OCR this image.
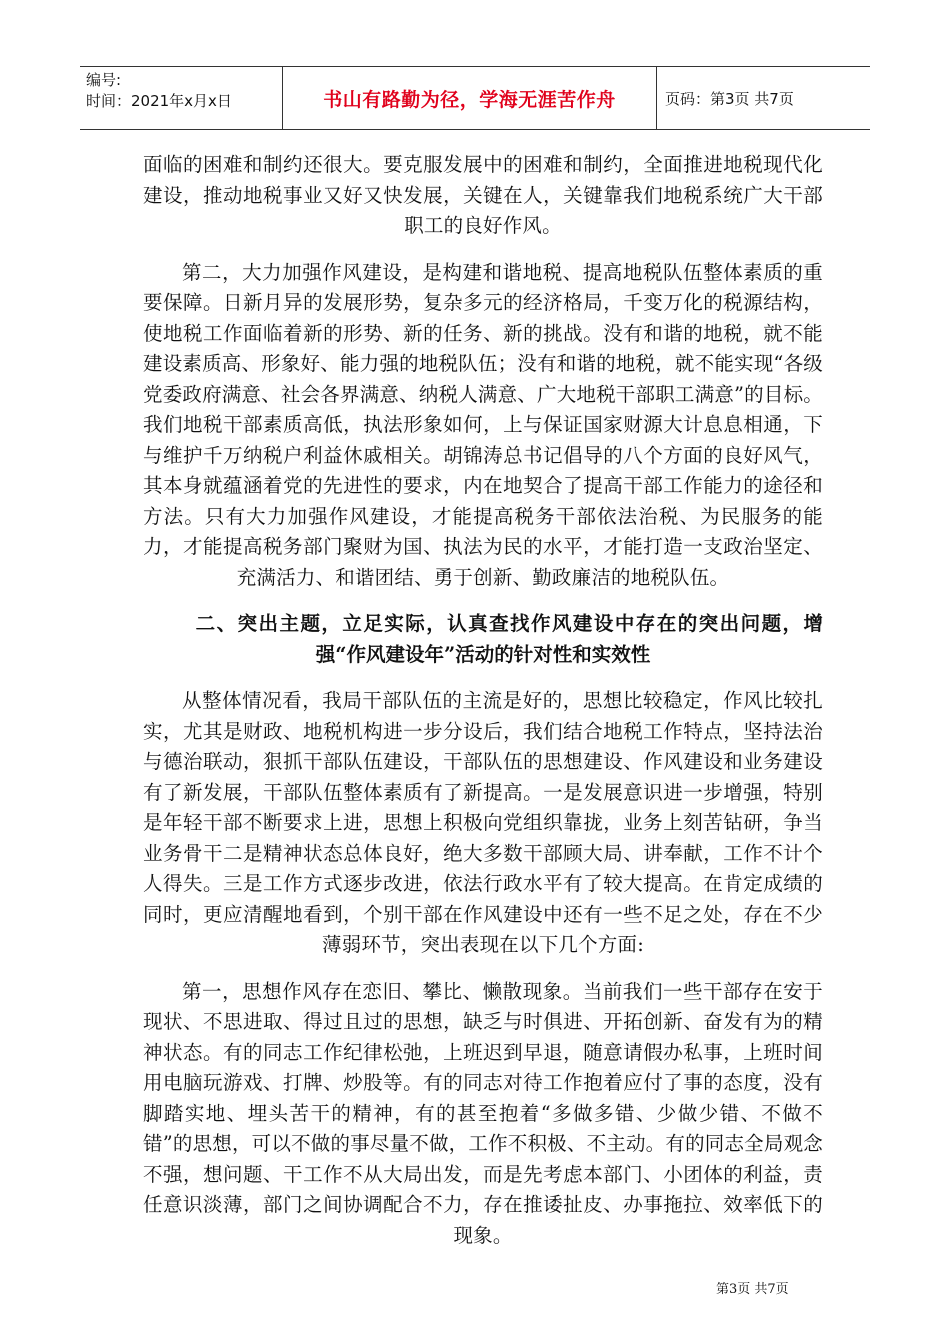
编号:
时间：2021年x月x日	书山有路勤为径，学海无涯苦作舟	页码：第3页 共7页

面临的困难和制约还很大。要克服发展中的困难和制约，全面推进地税现代化建设，推动地税事业又好又快发展，关键在人，关键靠我们地税系统广大干部职工的良好作风。

第二，大力加强作风建设，是构建和谐地税、提高地税队伍整体素质的重要保障。日新月异的发展形势，复杂多元的经济格局，千变万化的税源结构，使地税工作面临着新的形势、新的任务、新的挑战。没有和谐的地税，就不能建设素质高、形象好、能力强的地税队伍；没有和谐的地税，就不能实现“各级党委政府满意、社会各界满意、纳税人满意、广大地税干部职工满意”的目标。我们地税干部素质高低，执法形象如何，上与保证国家财源大计息息相通，下与维护千万纳税户利益休戚相关。胡锦涛总书记倡导的八个方面的良好风气，其本身就蕴涵着党的先进性的要求，内在地契合了提高干部工作能力的途径和方法。只有大力加强作风建设，才能提高税务干部依法治税、为民服务的能力，才能提高税务部门聚财为国、执法为民的水平，才能打造一支政治坚定、充满活力、和谐团结、勇于创新、勤政廉洁的地税队伍。

二、突出主题，立足实际，认真查找作风建设中存在的突出问题，增强“作风建设年”活动的针对性和实效性

从整体情况看，我局干部队伍的主流是好的，思想比较稳定，作风比较扎实，尤其是财政、地税机构进一步分设后，我们结合地税工作特点，坚持法治与德治联动，狠抓干部队伍建设，干部队伍的思想建设、作风建设和业务建设有了新发展，干部队伍整体素质有了新提高。一是发展意识进一步增强，特别是年轻干部不断要求上进，思想上积极向党组织靠拢，业务上刻苦钻研，争当业务骨干二是精神状态总体良好，绝大多数干部顾大局、讲奉献，工作不计个人得失。三是工作方式逐步改进，依法行政水平有了较大提高。在肯定成绩的同时，更应清醒地看到，个别干部在作风建设中还有一些不足之处，存在不少薄弱环节，突出表现在以下几个方面:

第一，思想作风存在恋旧、攀比、懒散现象。当前我们一些干部存在安于现状、不思进取、得过且过的思想，缺乏与时俱进、开拓创新、奋发有为的精神状态。有的同志工作纪律松弛，上班迟到早退，随意请假办私事，上班时间用电脑玩游戏、打牌、炒股等。有的同志对待工作抱着应付了事的态度，没有脚踏实地、埋头苦干的精神，有的甚至抱着“多做多错、少做少错、不做不错”的思想，可以不做的事尽量不做，工作不积极、不主动。有的同志全局观念不强，想问题、干工作不从大局出发，而是先考虑本部门、小团体的利益，责任意识淡薄，部门之间协调配合不力，存在推诿扯皮、办事拖拉、效率低下的现象。

第3页 共7页
